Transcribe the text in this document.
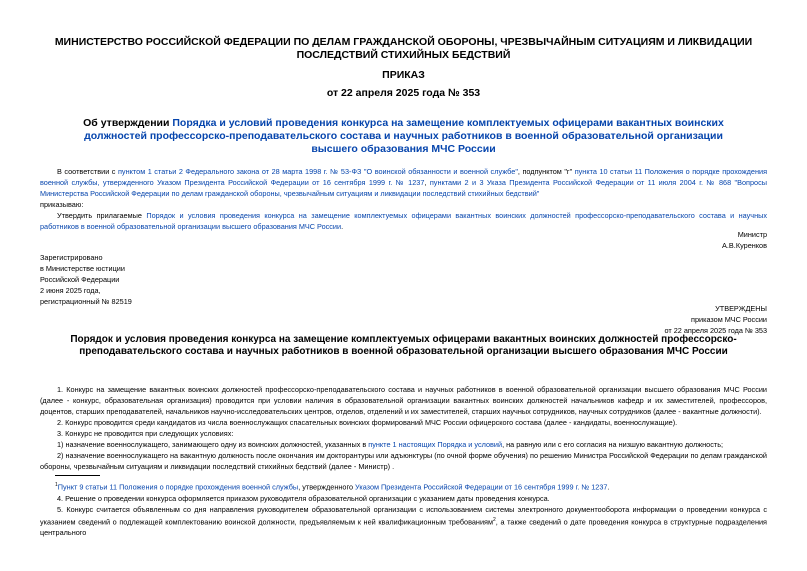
МИНИСТЕРСТВО РОССИЙСКОЙ ФЕДЕРАЦИИ ПО ДЕЛАМ ГРАЖДАНСКОЙ ОБОРОНЫ, ЧРЕЗВЫЧАЙНЫМ СИТУАЦИЯМ И ЛИКВИДАЦИИ ПОСЛЕДСТВИЙ СТИХИЙНЫХ БЕДСТВИЙ
ПРИКАЗ
от 22 апреля 2025 года № 353
Об утверждении Порядка и условий проведения конкурса на замещение комплектуемых офицерами вакантных воинских должностей профессорско-преподавательского состава и научных работников в военной образовательной организации высшего образования МЧС России
В соответствии с пунктом 1 статьи 2 Федерального закона от 28 марта 1998 г. № 53-ФЗ "О воинской обязанности и военной службе", подпунктом "г" пункта 10 статьи 11 Положения о порядке прохождения военной службы, утвержденного Указом Президента Российской Федерации от 16 сентября 1999 г. № 1237, пунктами 2 и 3 Указа Президента Российской Федерации от 11 июля 2004 г. № 868 "Вопросы Министерства Российской Федерации по делам гражданской обороны, чрезвычайным ситуациям и ликвидации последствий стихийных бедствий"
приказываю:
Утвердить прилагаемые Порядок и условия проведения конкурса на замещение комплектуемых офицерами вакантных воинских должностей профессорско-преподавательского состава и научных работников в военной образовательной организации высшего образования МЧС России.
Министр
А.В.Куренков
Зарегистрировано
в Министерстве юстиции
Российской Федерации
2 июня 2025 года,
регистрационный № 82519
УТВЕРЖДЕНЫ
приказом МЧС России
от 22 апреля 2025 года № 353
Порядок и условия проведения конкурса на замещение комплектуемых офицерами вакантных воинских должностей профессорско-преподавательского состава и научных работников в военной образовательной организации высшего образования МЧС России
1. Конкурс на замещение вакантных воинских должностей профессорско-преподавательского состава и научных работников в военной образовательной организации высшего образования МЧС России (далее - конкурс, образовательная организация) проводится при условии наличия в образовательной организации вакантных воинских должностей начальников кафедр и их заместителей, профессоров, доцентов, старших преподавателей, начальников научно-исследовательских центров, отделов, отделений и их заместителей, старших научных сотрудников, научных сотрудников (далее - вакантные должности).
2. Конкурс проводится среди кандидатов из числа военнослужащих спасательных воинских формирований МЧС России офицерского состава (далее - кандидаты, военнослужащие).
3. Конкурс не проводится при следующих условиях:
1) назначение военнослужащего, занимающего одну из воинских должностей, указанных в пункте 1 настоящих Порядка и условий, на равную или с его согласия на низшую вакантную должность;
2) назначение военнослужащего на вакантную должность после окончания им докторантуры или адъюнктуры (по очной форме обучения) по решению Министра Российской Федерации по делам гражданской обороны, чрезвычайным ситуациям и ликвидации последствий стихийных бедствий (далее - Министр) .
$^1$Пункт 9 статьи 11 Положения о порядке прохождения военной службы, утвержденного Указом Президента Российской Федерации от 16 сентября 1999 г. № 1237.
4. Решение о проведении конкурса оформляется приказом руководителя образовательной организации с указанием даты проведения конкурса.
5. Конкурс считается объявленным со дня направления руководителем образовательной организации с использованием системы электронного документооборота информации о проведении конкурса с указанием сведений о подлежащей комплектованию воинской должности, предъявляемым к ней квалификационным требованиям$^2$, а также сведений о дате проведения конкурса в структурные подразделения центрального
